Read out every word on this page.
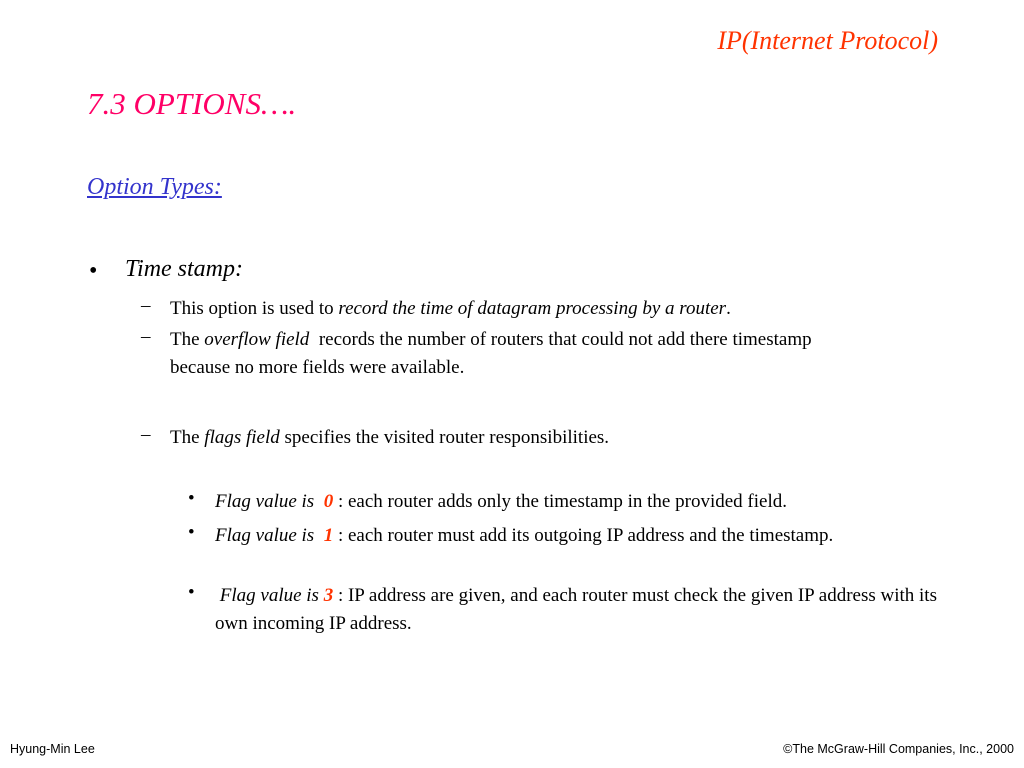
IP(Internet Protocol)
7.3 OPTIONS….
Option Types:
• Time stamp:
– This option is used to record the time of datagram processing by a router.
– The overflow field  records the number of routers that could not add there timestamp because no more fields were available.
– The flags field specifies the visited router responsibilities.
• Flag value is  0 : each router adds only the timestamp in the provided field.
• Flag value is  1 : each router must add its outgoing IP address and the timestamp.
• Flag value is 3 : IP address are given, and each router must check the given IP address with its own incoming IP address.
Hyung-Min Lee	©The McGraw-Hill Companies, Inc., 2000
